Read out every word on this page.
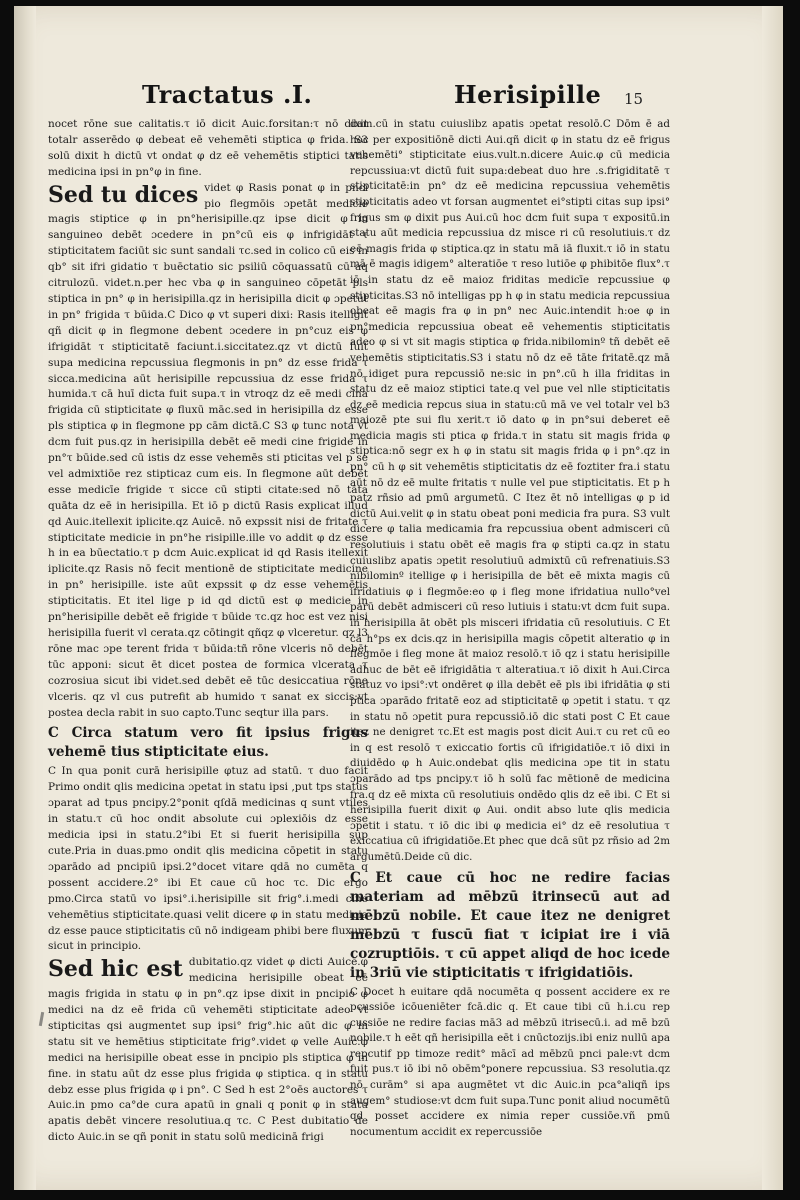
Tractatus .I.	Herisipille 15
nocet rōne sue calitatis.τ iō dicit Auic.forsitan:τ nō dixit totalr asserēdo φ debeat eē vehemēti stiptica φ frida. S3 solū dixit h dictū vt ondat φ dz eē vehemētis stiptici tatis medicina ipsi in pn°φ in fine.
Sed tu dices videt φ Rasis ponat φ in pnci pio flegmōis ɔpetāt medicīe magis stiptice φ in pn°herisipille.qz ipse dicit φ in sanguineo debēt ɔcedere in pn°cū eis φ infrigidāt τ stipticitatem faciūt sic sunt sandali τc.sed in colico cū eis in qb° sit ifri gidatio τ buēctatio sic psiliū cōquassatū cū aq citrulozū. videt.n.per hec vba φ in sanguineo cōpetāt pls stiptica in pn° φ in herisipilla.qz in herisipilla dicit φ ɔpetūt in pn° frigida τ būida.C Dico φ vt superi dixi: Rasis itelligit qñ dicit φ in flegmone debent ɔcedere in pn°cuz eis φ ifrigidāt τ stipticitatē faciunt.i.siccitatez.qz vt dictū fuit supa medicina repcussiua flegmonis in pn° dz esse frida τ sicca.medicina aūt herisipille repcussiua dz esse frida τ humida.τ cā huī dicta fuit supa.τ in vtroqz dz eē medi cina frigida cū stipticitate φ fluxū māc.sed in herisipilla dz esse pls stiptica φ in flegmone pp cām dictā.C S3 φ tunc nota vt dcm fuit pus.qz in herisipilla debēt eē medi cine frigide in pn°τ būide.sed cū istis dz esse vehemēs sti pticitas vel p se vel admixtiōe rez stipticaz cum eis. In flegmone aūt debēt esse medicīe frigide τ sicce cū stipti citate:sed nō tāta quāta dz eē in herisipilla. Et iō p dictū Rasis explicat illud qd Auic.itellexit iplicite.qz Auicē. nō expssit nisi de fritate τ stipticitate medicie in pn°he risipille.ille vo addit φ dz esse h in ea būectatio.τ p dcm Auic.explicat id qd Rasis itellexit iplicite.qz Rasis nō fecit mentionē de stipticitate medicine in pn° herisipille. iste aūt expssit φ dz esse vehemētis stipticitatis. Et itel lige p id qd dictū est φ medicie in pn°herisipille debēt eē frigide τ būide τc.qz hoc est vez nisi herisipilla fuerit vl cerata.qz cōtingit qñqz φ vlceretur. qz l3 rōne mac ɔpe terent frida τ būida:tñ rōne vlceris nō debēt tūc apponi: sicut ēt dicet postea de formica vlcerata τ cozrosiua sicut ibi videt.sed debēt eē tūc desiccatiua rōne vlceris. qz vl cus putrefit ab humido τ sanat ex siccis:vt postea decla rabit in suo capto.Tunc seqtur illa pars.
C Circa statum vero fit ipsius frigus vehemē tius stipticitate eius.
C In qua ponit curā herisipille φtuz ad statū. τ duo facit Primo ondit qlis medicina ɔpetat in statu ipsi ,put tps status ɔparat ad tpus pncipy.2°ponit qſdā medicinas q sunt vtiles in statu.τ cū hoc ondit absolute cui ɔplexiōis dz esse medicia ipsi in statu.2°ibi Et si fuerit herisipilla sup cute.Pria in duas.pmo ondit qlis medicina cōpetit in statu ɔparādo ad pncipiū ipsi.2°docet vitare qdā no cumēta q possent accidere.2° ibi Et caue cū hoc τc. Dic ergo pmo.Circa statū vo ipsi°.i.herisipille sit frig°.i.medi cine vehemētius stipticitate.quasi velit dicere φ in statu medicia dz esse pauce stipticitatis cū nō indigeam phibi bere fluxum sicut in principio.
Sed hic est dubitatio.qz videt φ dicti Auicē.φ medicina herisipille obeat eē magis frigida in statu φ in pn°.qz ipse dixit in pncipio φ medici na dz eē frida cū vehemēti stipticitate adeo vt stipticitas qsi augmentet sup ipsi° frig°.hic aūt dic φ in statu sit ve hemētius stipticitate frig°.videt φ velle Auic.φ medici na herisipille obeat esse in pncipio pls stiptica φ in fine. in statu aūt dz esse plus frigida φ stiptica. q in statu debz esse plus frigida φ i pn°. C Sed h est 2°oēs auctores τ Auic.in pmo ca°de cura apatū in gnali q ponit φ in statu apatis debēt vincere resolutiua.q τc. C P.est dubitatio de dicto Auic.in se qñ ponit in statu solū medicinā frigi
dam.cū in statu cuiuslibz apatis ɔpetat resolō.C Dōm ē ad hoc per expositiōnē dicti Aui.qñ dicit φ in statu dz eē frigus vehemēti° stipticitate eius.vult.n.dicere Auic.φ cū medicia repcussiua:vt dictū fuit supa:debeat duo hre .s.frigiditatē τ stipticitatē:in pn° dz eē medicina repcussiua vehemētis stipticitatis adeo vt forsan augmentet ei°stipti citas sup ipsi° frigus sm φ dixit pus Aui.cū hoc dcm fuit supa τ expositū.in statu aūt medicia repcussiua dz misce ri cū resolutiuis.τ dz eē magis frida φ stiptica.qz in statu mā iā fluxit.τ iō in statu mā ē magis idigem° alteratiōe τ reso lutiōe φ phibitōe flux°.τ iō in statu dz eē maioz friditas medicīe repcussiue φ stipticitas.S3 nō intelligas pp h φ in statu medicia repcussiua obeat eē magis fra φ in pn° nec Auic.intendit h:oe φ in pn°medicia repcussiua obeat eē vehementis stipticitatis adeo φ si vt sit magis stiptica φ frida.nibilominº tñ debēt eē vehemētis stipticitatis.S3 i statu nō dz eē tāte fritatē.qz mā nō idiget pura repcussiō ne:sic in pn°.cū h illa friditas in statu dz eē maioz stiptici tate.q vel pue vel nlle stipticitatis dz eē medicia repcus siua in statu:cū mā ve vel totalr vel b3 maiozē pte sui flu xerit.τ iō dato φ in pn°sui deberet eē medicia magis sti ptica φ frida.τ in statu sit magis frida φ stiptica:nō segr ex h φ in statu sit magis frida φ i pn°.qz in pn° cū h φ sit vehemētis stipticitatis dz eē foztiter fra.i statu aūt nō dz eē multe fritatis τ nulle vel pue stipticitatis. Et p h patz rñsio ad pmū argumetū. C Itez ēt nō intelligas φ p id dictū Aui.velit φ in statu obeat poni medicia fra pura. S3 vult dicere φ talia medicamia fra repcussiua obent admisceri cū resolutiuis i statu obēt eē magis fra φ stipti ca.qz in statu cuiuslibz apatis ɔpetit resolutiuū admixtū cū refrenatiuis.S3 nibilominº itellige φ i herisipilla de bēt eē mixta magis cū ifridatiuis φ i flegmōe:eo φ i fleg mone ifridatiua nullo°vel parū debēt admisceri cū reso lutiuis i statu:vt dcm fuit supa. in herisipilla āt obēt pls misceri ifridatia cū resolutiuis. C Et cā h°ps ex dcis.qz in herisipilla magis cōpetit alteratio φ in flegmōe i fleg mone āt maioz resolō.τ iō qz i statu herisipille adhuc de bēt eē ifrigidātia τ alteratiua.τ iō dixit h Aui.Circa statuz vo ipsi°:vt ondēret φ illa debēt eē pls ibi ifridātia φ sti ptica ɔparādo fritatē eoz ad stipticitatē φ ɔpetit i statu. τ qz in statu nō ɔpetit pura repcussiō.iō dic stati post C Et caue itez ne denigret τc.Et est magis post dicit Aui.τ cu ret cū eo in q est resolō τ exiccatio fortis cū ifrigidatiōe.τ iō dixi in diuidēdo φ h Auic.ondebat qlis medicina ɔpe tit in statu ɔparādo ad tps pncipy.τ iō h solū fac mētionē de medicina fra.q dz eē mixta cū resolutiuis ondēdo qlis dz eē ibi. C Et si herisipilla fuerit dixit φ Aui. ondit abso lute qlis medicia ɔpetit i statu. τ iō dic ibi φ medicia ei° dz eē resolutiua τ exiccatiua cū ifrigidatiōe.Et phec que dcā sūt pz rñsio ad 2m argumētū.Deide cū dic.
C Et caue cū hoc ne redire facias materiam ad mēbzū itrinsecū aut ad mēbzū nobile. Et caue itez ne denigret mēbzū τ fuscū fiat τ icipiat ire i viā cozruptiōis. τ cū appet aliqd de hoc icede in 3riū vie stipticitatis τ ifrigidatiōis.
C Docet h euitare qdā nocumēta q possent accidere ex re pcussiōe icōueniēter fcā.dic q. Et caue tibi cū h.i.cu rep cussiōe ne redire facias mā3 ad mēbzū itrisecū.i. ad mē bzū nobile.τ h eēt qñ herisipilla eēt i cnūctozijs.ibi eniz nullū apa repcutif pp timoze redit° mācī ad mēbzū pnci pale:vt dcm fuit pus.τ iō ibi nō obēm°ponere repcussiua. S3 resolutia.qz nō curām° si apa augmētet vt dic Auic.in pca°aliqñ ips augem° studiose:vt dcm fuit supa.Tunc ponit aliud nocumētū qd posset accidere ex nimia reper cussiōe.vñ pmū nocumentum accidit ex repercussiōe
